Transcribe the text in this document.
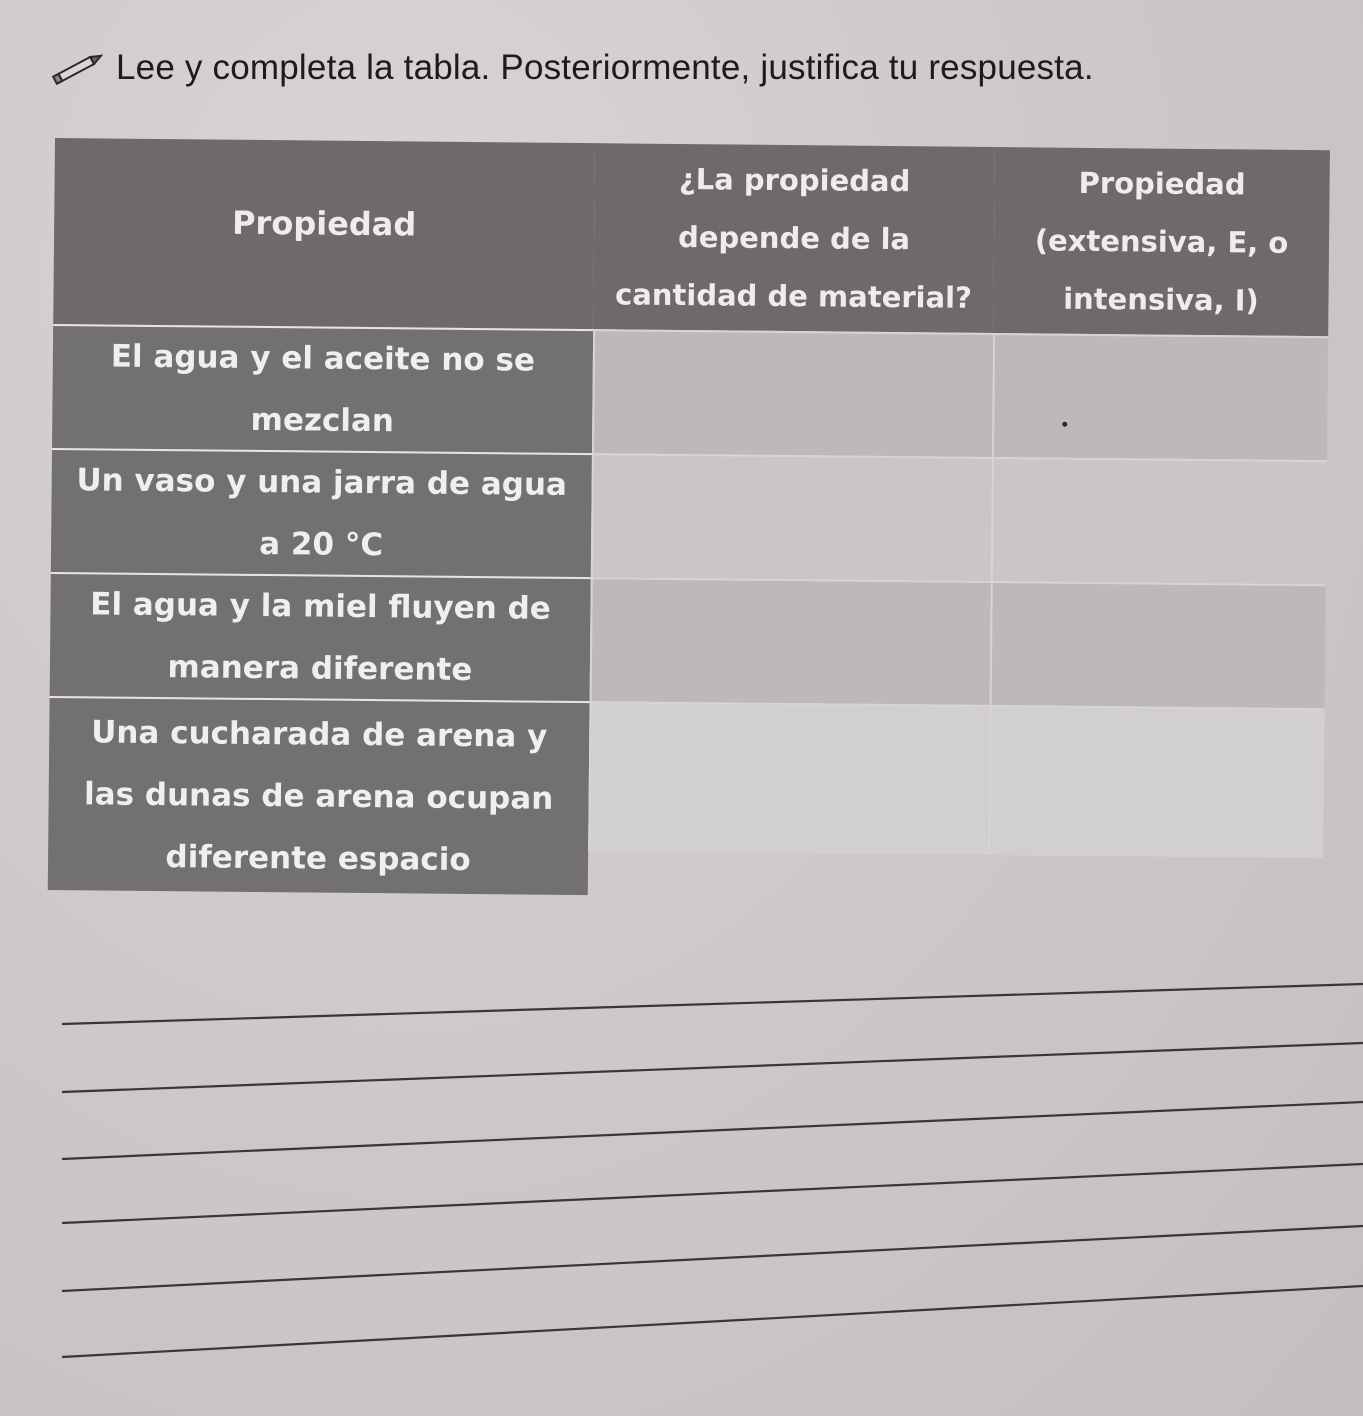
Lee y completa la tabla. Posteriormente, justifica tu respuesta.
Propiedad
¿La propiedad
depende de la
cantidad de material?
Propiedad
(extensiva, E, o
intensiva, I)
El agua y el aceite no se
mezclan
Un vaso y una jarra de agua
a 20 °C
El agua y la miel fluyen de
manera diferente
Una cucharada de arena y
las dunas de arena ocupan
diferente espacio
